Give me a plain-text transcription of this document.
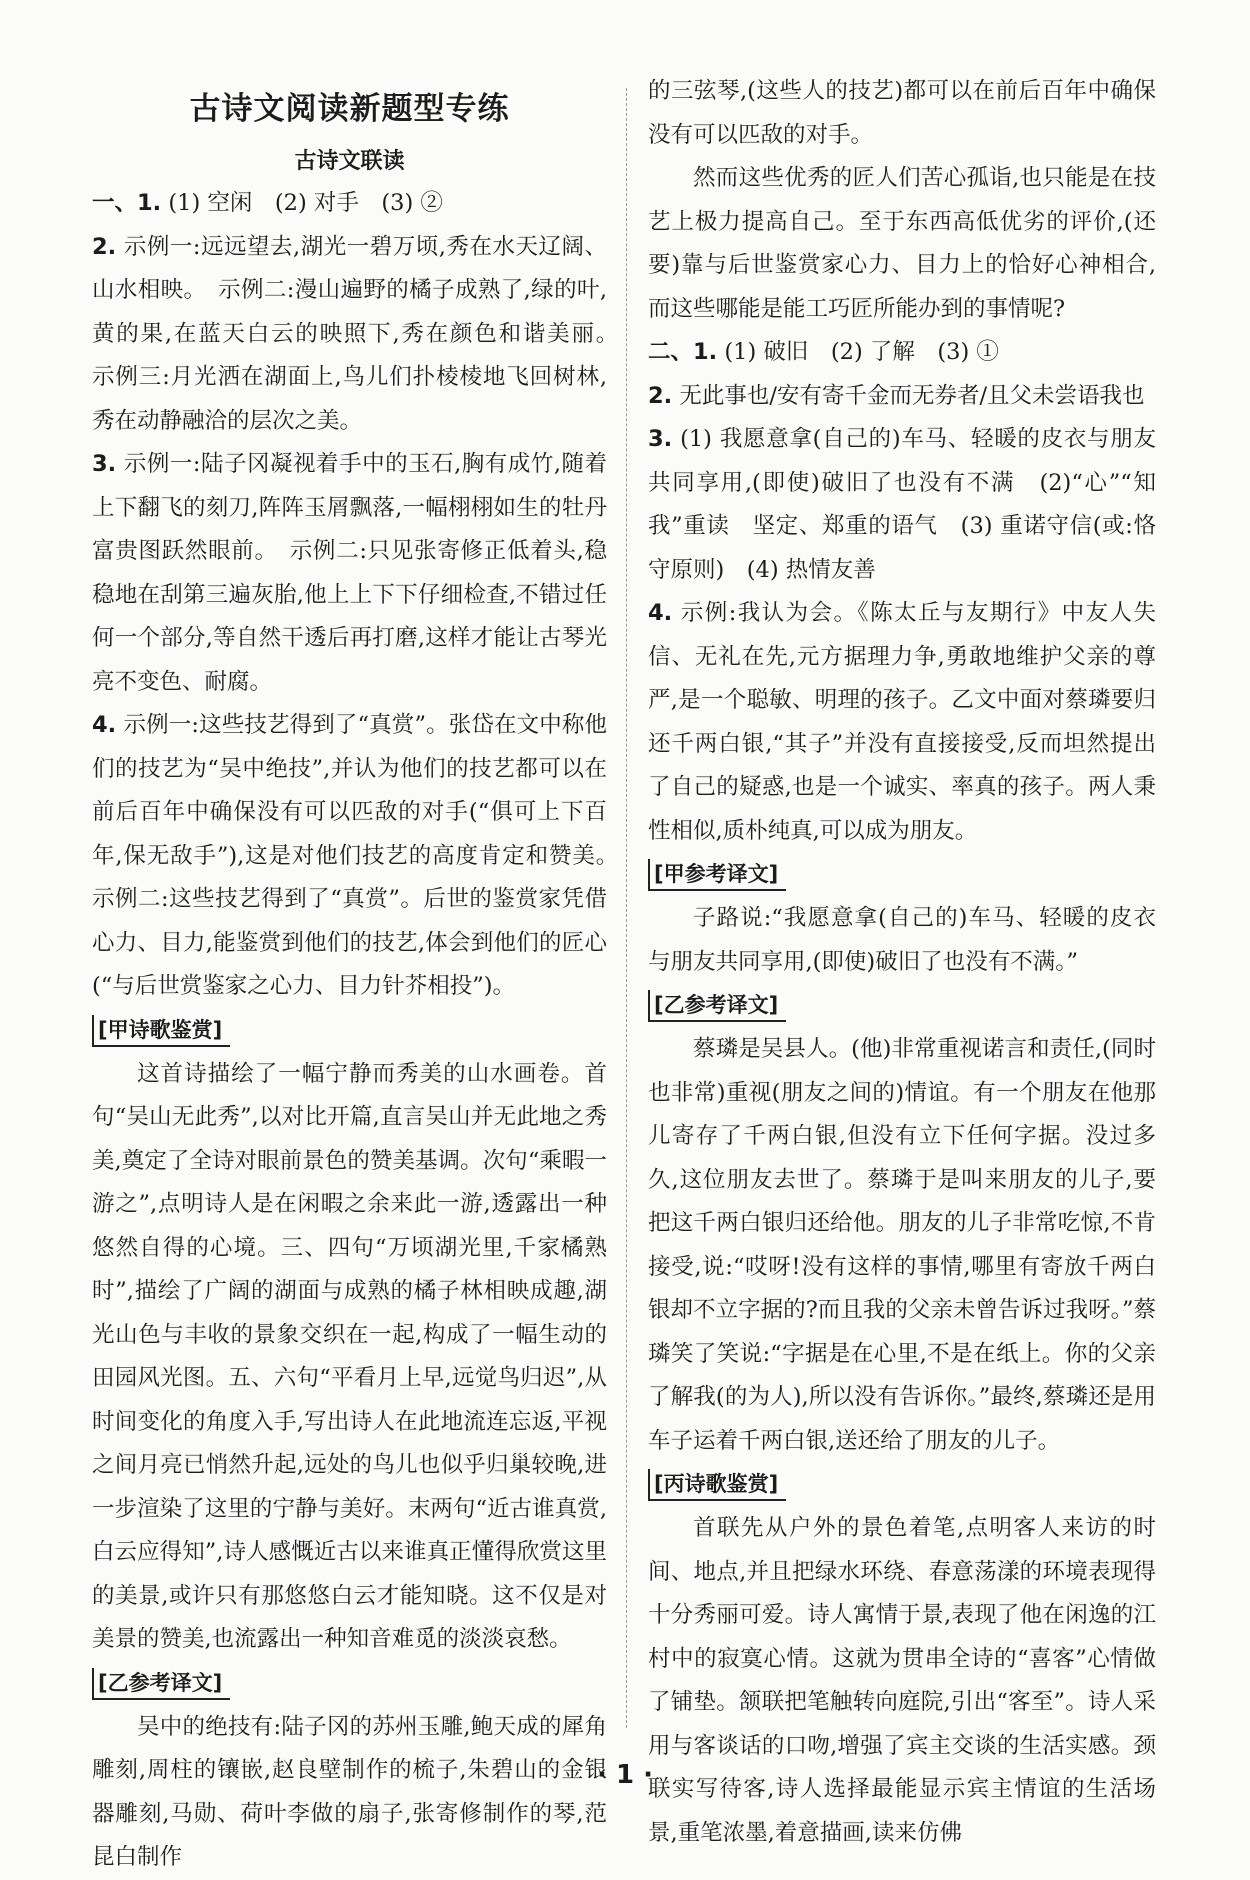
古诗文阅读新题型专练
古诗文联读

一、1. (1) 空闲　(2) 对手　(3) ②

2. 示例一:远远望去,湖光一碧万顷,秀在水天辽阔、山水相映。　示例二:漫山遍野的橘子成熟了,绿的叶,黄的果,在蓝天白云的映照下,秀在颜色和谐美丽。　示例三:月光洒在湖面上,鸟儿们扑棱棱地飞回树林,秀在动静融洽的层次之美。

3. 示例一:陆子冈凝视着手中的玉石,胸有成竹,随着上下翻飞的刻刀,阵阵玉屑飘落,一幅栩栩如生的牡丹富贵图跃然眼前。　示例二:只见张寄修正低着头,稳稳地在刮第三遍灰胎,他上上下下仔细检查,不错过任何一个部分,等自然干透后再打磨,这样才能让古琴光亮不变色、耐腐。

4. 示例一:这些技艺得到了“真赏”。张岱在文中称他们的技艺为“吴中绝技”,并认为他们的技艺都可以在前后百年中确保没有可以匹敌的对手(“俱可上下百年,保无敌手”),这是对他们技艺的高度肯定和赞美。　示例二:这些技艺得到了“真赏”。后世的鉴赏家凭借心力、目力,能鉴赏到他们的技艺,体会到他们的匠心(“与后世赏鉴家之心力、目力针芥相投”)。

[甲诗歌鉴赏]

这首诗描绘了一幅宁静而秀美的山水画卷。首句“吴山无此秀”,以对比开篇,直言吴山并无此地之秀美,奠定了全诗对眼前景色的赞美基调。次句“乘暇一游之”,点明诗人是在闲暇之余来此一游,透露出一种悠然自得的心境。三、四句“万顷湖光里,千家橘熟时”,描绘了广阔的湖面与成熟的橘子林相映成趣,湖光山色与丰收的景象交织在一起,构成了一幅生动的田园风光图。五、六句“平看月上早,远觉鸟归迟”,从时间变化的角度入手,写出诗人在此地流连忘返,平视之间月亮已悄然升起,远处的鸟儿也似乎归巢较晚,进一步渲染了这里的宁静与美好。末两句“近古谁真赏,白云应得知”,诗人感慨近古以来谁真正懂得欣赏这里的美景,或许只有那悠悠白云才能知晓。这不仅是对美景的赞美,也流露出一种知音难觅的淡淡哀愁。

[乙参考译文]

吴中的绝技有:陆子冈的苏州玉雕,鲍天成的犀角雕刻,周柱的镶嵌,赵良壁制作的梳子,朱碧山的金银器雕刻,马勋、荷叶李做的扇子,张寄修制作的琴,范昆白制作

的三弦琴,(这些人的技艺)都可以在前后百年中确保没有可以匹敌的对手。

然而这些优秀的匠人们苦心孤诣,也只能是在技艺上极力提高自己。至于东西高低优劣的评价,(还要)靠与后世鉴赏家心力、目力上的恰好心神相合,而这些哪能是能工巧匠所能办到的事情呢?

二、1. (1) 破旧　(2) 了解　(3) ①

2. 无此事也/安有寄千金而无券者/且父未尝语我也

3. (1) 我愿意拿(自己的)车马、轻暖的皮衣与朋友共同享用,(即使)破旧了也没有不满　(2)“心”“知我”重读　坚定、郑重的语气　(3) 重诺守信(或:恪守原则)　(4) 热情友善

4. 示例:我认为会。《陈太丘与友期行》中友人失信、无礼在先,元方据理力争,勇敢地维护父亲的尊严,是一个聪敏、明理的孩子。乙文中面对蔡璘要归还千两白银,“其子”并没有直接接受,反而坦然提出了自己的疑惑,也是一个诚实、率真的孩子。两人秉性相似,质朴纯真,可以成为朋友。

[甲参考译文]

子路说:“我愿意拿(自己的)车马、轻暖的皮衣与朋友共同享用,(即使)破旧了也没有不满。”

[乙参考译文]

蔡璘是吴县人。(他)非常重视诺言和责任,(同时也非常)重视(朋友之间的)情谊。有一个朋友在他那儿寄存了千两白银,但没有立下任何字据。没过多久,这位朋友去世了。蔡璘于是叫来朋友的儿子,要把这千两白银归还给他。朋友的儿子非常吃惊,不肯接受,说:“哎呀!没有这样的事情,哪里有寄放千两白银却不立字据的?而且我的父亲未曾告诉过我呀。”蔡璘笑了笑说:“字据是在心里,不是在纸上。你的父亲了解我(的为人),所以没有告诉你。”最终,蔡璘还是用车子运着千两白银,送还给了朋友的儿子。

[丙诗歌鉴赏]

首联先从户外的景色着笔,点明客人来访的时间、地点,并且把绿水环绕、春意荡漾的环境表现得十分秀丽可爱。诗人寓情于景,表现了他在闲逸的江村中的寂寞心情。这就为贯串全诗的“喜客”心情做了铺垫。颔联把笔触转向庭院,引出“客至”。诗人采用与客谈话的口吻,增强了宾主交谈的生活实感。颈联实写待客,诗人选择最能显示宾主情谊的生活场景,重笔浓墨,着意描画,读来仿佛

· 1 ·
